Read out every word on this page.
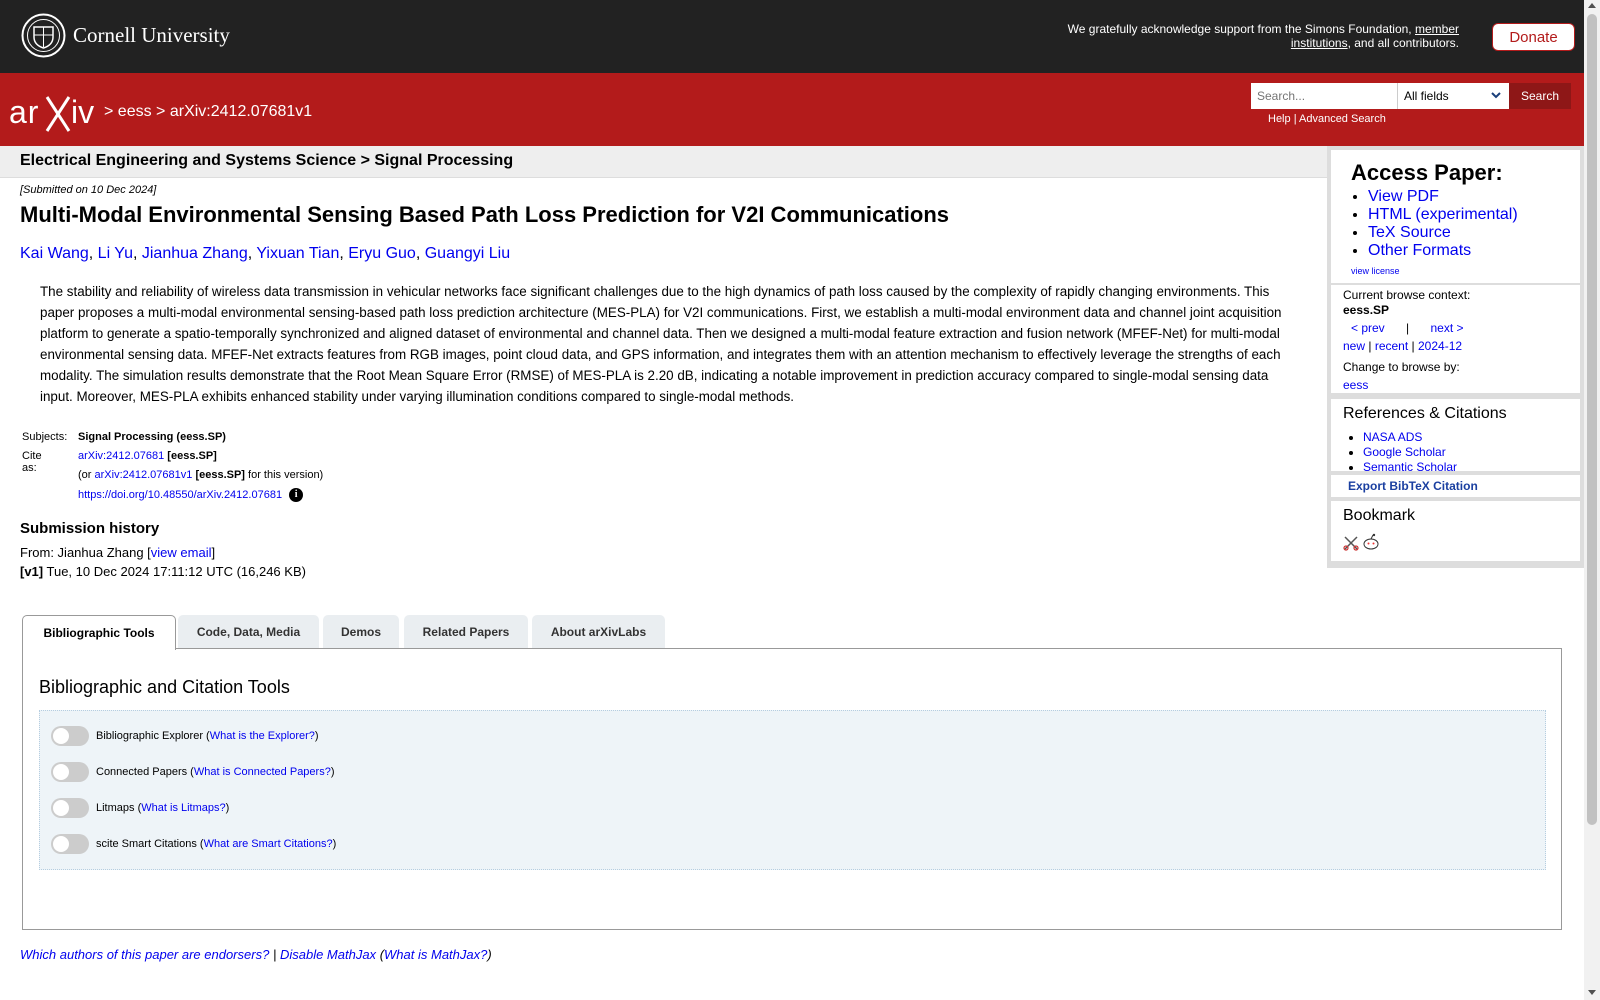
Cornell University	We gratefully acknowledge support from the Simons Foundation, member institutions, and all contributors.	Donate
ar iv > eess > arXiv:2412.07681v1
Search...	All fields	Search
Help | Advanced Search
Electrical Engineering and Systems Science > Signal Processing
[Submitted on 10 Dec 2024]
Multi-Modal Environmental Sensing Based Path Loss Prediction for V2I Communications
Kai Wang, Li Yu, Jianhua Zhang, Yixuan Tian, Eryu Guo, Guangyi Liu

The stability and reliability of wireless data transmission in vehicular networks face significant challenges due to the high dynamics of path loss caused by the complexity of rapidly changing environments. This paper proposes a multi-modal environmental sensing-based path loss prediction architecture (MES-PLA) for V2I communications. First, we establish a multi-modal environment data and channel joint acquisition platform to generate a spatio-temporally synchronized and aligned dataset of environmental and channel data. Then we designed a multi-modal feature extraction and fusion network (MFEF-Net) for multi-modal environmental sensing data. MFEF-Net extracts features from RGB images, point cloud data, and GPS information, and integrates them with an attention mechanism to effectively leverage the strengths of each modality. The simulation results demonstrate that the Root Mean Square Error (RMSE) of MES-PLA is 2.20 dB, indicating a notable improvement in prediction accuracy compared to single-modal sensing data input. Moreover, MES-PLA exhibits enhanced stability under varying illumination conditions compared to single-modal methods.

Subjects: Signal Processing (eess.SP)
Cite as:
arXiv:2412.07681 [eess.SP]
(or arXiv:2412.07681v1 [eess.SP] for this version)
https://doi.org/10.48550/arXiv.2412.07681 i
Submission history
From: Jianhua Zhang [view email]
[v1] Tue, 10 Dec 2024 17:11:12 UTC (16,246 KB)
Access Paper:
• View PDF
• HTML (experimental)
• TeX Source
• Other Formats
view license
Current browse context:
eess.SP
< prev | next >
new | recent | 2024-12
Change to browse by:
eess
References & Citations
• NASA ADS
• Google Scholar
• Semantic Scholar
Export BibTeX Citation
Bookmark
Bibliographic Tools	Code, Data, Media	Demos	Related Papers	About arXivLabs
Bibliographic and Citation Tools
Bibliographic Explorer ( What is the Explorer? )
Connected Papers ( What is Connected Papers? )
Litmaps ( What is Litmaps? )
scite Smart Citations ( What are Smart Citations? )
Which authors of this paper are endorsers? | Disable MathJax (What is MathJax?)
